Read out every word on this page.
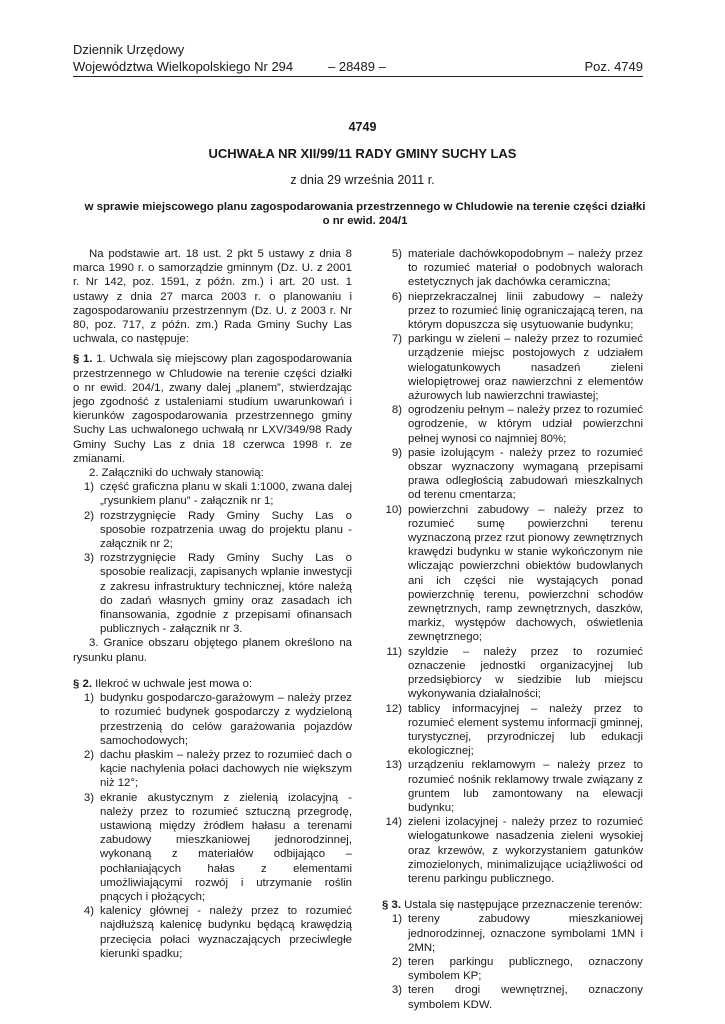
Dziennik Urzędowy
Województwa Wielkopolskiego Nr 294	Poz. 4749
– 28489 –
4749
UCHWAŁA NR XII/99/11 RADY GMINY SUCHY LAS
z dnia 29 września 2011 r.
w sprawie miejscowego planu zagospodarowania przestrzennego w Chludowie na terenie części działki o nr ewid. 204/1

Na podstawie art. 18 ust. 2 pkt 5 ustawy z dnia 8 marca 1990 r. o samorządzie gminnym (Dz. U. z 2001 r. Nr 142, poz. 1591, z późn. zm.) i art. 20 ust. 1 ustawy z dnia 27 marca 2003 r. o planowaniu i zagospodarowaniu przestrzennym (Dz. U. z 2003 r. Nr 80, poz. 717, z późn. zm.) Rada Gminy Suchy Las uchwala, co następuje:

§ 1. 1. Uchwala się miejscowy plan zagospodarowania przestrzennego w Chludowie na terenie części działki o nr ewid. 204/1, zwany dalej „planem”, stwierdzając jego zgodność z ustaleniami studium uwarunkowań i kierunków zagospodarowania przestrzennego gminy Suchy Las uchwalonego uchwałą nr LXV/349/98 Rady Gminy Suchy Las z dnia 18 czerwca 1998 r. ze zmianami.

2. Załączniki do uchwały stanowią:

1) część graficzna planu w skali 1:1000, zwana dalej „rysunkiem planu” - załącznik nr 1;
2) rozstrzygnięcie Rady Gminy Suchy Las o sposobie rozpatrzenia uwag do projektu planu - załącznik nr 2;
3) rozstrzygnięcie Rady Gminy Suchy Las o sposobie realizacji, zapisanych wplanie inwestycji z zakresu infrastruktury technicznej, które należą do zadań własnych gminy oraz zasadach ich finansowania, zgodnie z przepisami ofinansach publicznych - załącznik nr 3.

3. Granice obszaru objętego planem określono na rysunku planu.

§ 2. Ilekroć w uchwale jest mowa o:

1) budynku gospodarczo-garażowym – należy przez to rozumieć budynek gospodarczy z wydzieloną przestrzenią do celów garażowania pojazdów samochodowych;
2) dachu płaskim – należy przez to rozumieć dach o kącie nachylenia połaci dachowych nie większym niż 12°;
3) ekranie akustycznym z zielenią izolacyjną - należy przez to rozumieć sztuczną przegrodę, ustawioną między źródłem hałasu a terenami zabudowy mieszkaniowej jednorodzinnej, wykonaną z materiałów odbijająco – pochłaniających hałas z elementami umożliwiającymi rozwój i utrzymanie roślin pnących i płożących;
4) kalenicy głównej - należy przez to rozumieć najdłuższą kalenicę budynku będącą krawędzią przecięcia połaci wyznaczających przeciwległe kierunki spadku;
5) materiale dachówkopodobnym – należy przez to rozumieć materiał o podobnych walorach estetycznych jak dachówka ceramiczna;
6) nieprzekraczalnej linii zabudowy – należy przez to rozumieć linię ograniczającą teren, na którym dopuszcza się usytuowanie budynku;
7) parkingu w zieleni – należy przez to rozumieć urządzenie miejsc postojowych z udziałem wielogatunkowych nasadzeń zieleni wielopiętrowej oraz nawierzchni z elementów ażurowych lub nawierzchni trawiastej;
8) ogrodzeniu pełnym – należy przez to rozumieć ogrodzenie, w którym udział powierzchni pełnej wynosi co najmniej 80%;
9) pasie izolującym - należy przez to rozumieć obszar wyznaczony wymaganą przepisami prawa odległością zabudowań mieszkalnych od terenu cmentarza;
10) powierzchni zabudowy – należy przez to rozumieć sumę powierzchni terenu wyznaczoną przez rzut pionowy zewnętrznych krawędzi budynku w stanie wykończonym nie wliczając powierzchni obiektów budowlanych ani ich części nie wystających ponad powierzchnię terenu, powierzchni schodów zewnętrznych, ramp zewnętrznych, daszków, markiz, występów dachowych, oświetlenia zewnętrznego;
11) szyldzie – należy przez to rozumieć oznaczenie jednostki organizacyjnej lub przedsiębiorcy w siedzibie lub miejscu wykonywania działalności;
12) tablicy informacyjnej – należy przez to rozumieć element systemu informacji gminnej, turystycznej, przyrodniczej lub edukacji ekologicznej;
13) urządzeniu reklamowym – należy przez to rozumieć nośnik reklamowy trwale związany z gruntem lub zamontowany na elewacji budynku;
14) zieleni izolacyjnej - należy przez to rozumieć wielogatunkowe nasadzenia zieleni wysokiej oraz krzewów, z wykorzystaniem gatunków zimozielonych, minimalizujące uciążliwości od terenu parkingu publicznego.

§ 3. Ustala się następujące przeznaczenie terenów:

1) tereny zabudowy mieszkaniowej jednorodzinnej, oznaczone symbolami 1MN i 2MN;
2) teren parkingu publicznego, oznaczony symbolem KP;
3) teren drogi wewnętrznej, oznaczony symbolem KDW.
